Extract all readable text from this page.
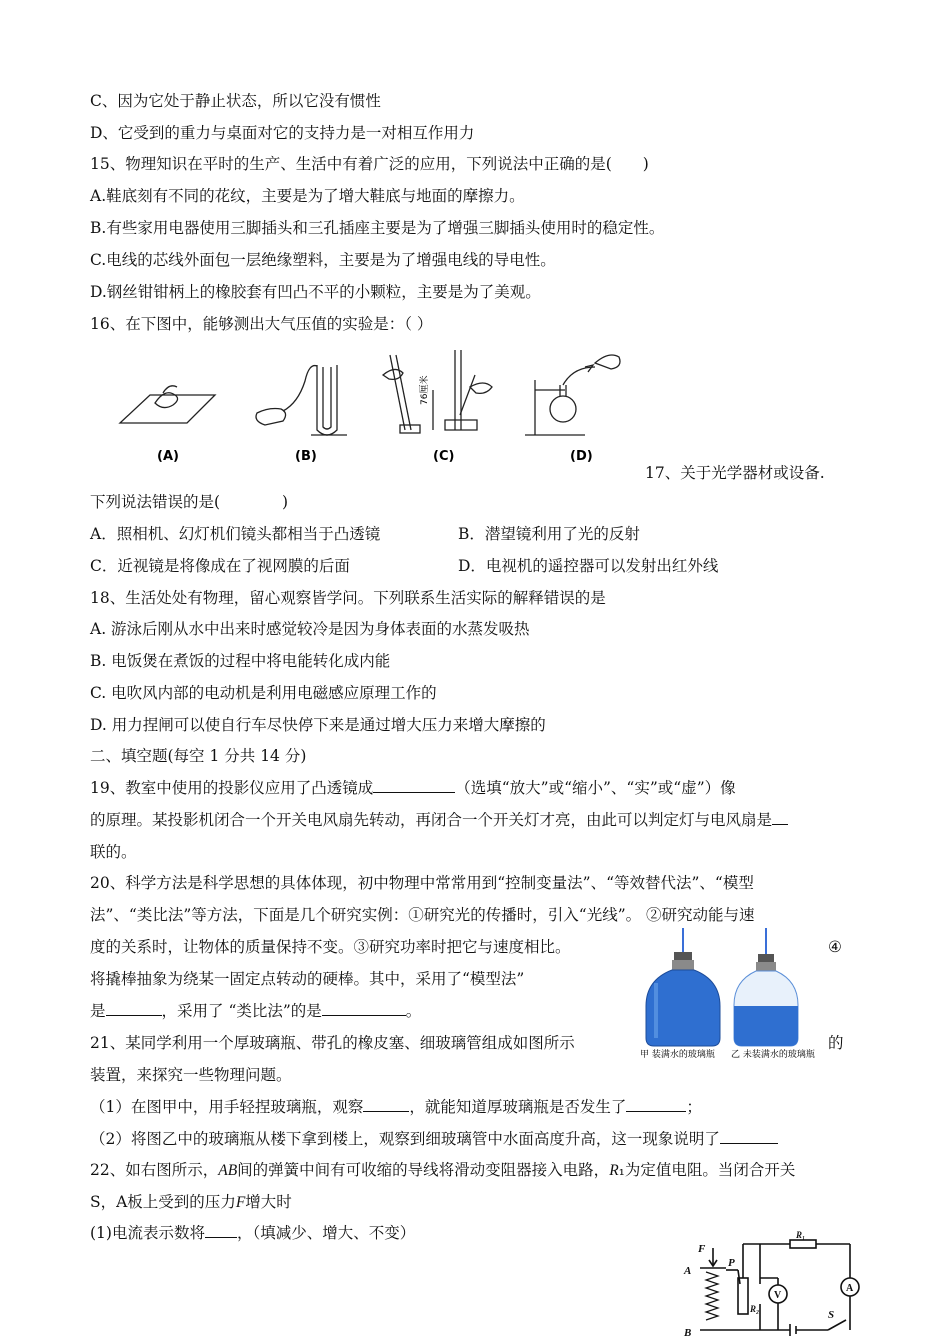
C、因为它处于静止状态，所以它没有惯性
D、它受到的重力与桌面对它的支持力是一对相互作用力
15、物理知识在平时的生产、生活中有着广泛的应用，下列说法中正确的是(　　)
A.鞋底刻有不同的花纹，主要是为了增大鞋底与地面的摩擦力。
B.有些家用电器使用三脚插头和三孔插座主要是为了增强三脚插头使用时的稳定性。
C.电线的芯线外面包一层绝缘塑料，主要是为了增强电线的导电性。
D.钢丝钳钳柄上的橡胶套有凹凸不平的小颗粒，主要是为了美观。
16、在下图中，能够测出大气压值的实验是：（ ）
76厘米
(A)	(B)	(C)	(D)
17、关于光学器材或设备.
下列说法错误的是(　　　　)
A．照相机、幻灯机们镜头都相当于凸透镜	B．潜望镜利用了光的反射
C．近视镜是将像成在了视网膜的后面	D．电视机的遥控器可以发射出红外线
18、生活处处有物理，留心观察皆学问。下列联系生活实际的解释错误的是
A. 游泳后刚从水中出来时感觉较冷是因为身体表面的水蒸发吸热
B. 电饭煲在煮饭的过程中将电能转化成内能
C. 电吹风内部的电动机是利用电磁感应原理工作的
D. 用力捏闸可以使自行车尽快停下来是通过增大压力来增大摩擦的
二、填空题(每空 1 分共 14 分)
19、教室中使用的投影仪应用了凸透镜成	（选填“放大”或“缩小”、“实”或“虚”）像
的原理。某投影机闭合一个开关电风扇先转动，再闭合一个开关灯才亮，由此可以判定灯与电风扇是
联的。
20、科学方法是科学思想的具体体现，初中物理中常常用到“控制变量法”、“等效替代法”、“模型
法”、“类比法”等方法，下面是几个研究实例：①研究光的传播时，引入“光线”。 ②研究动能与速
度的关系时，让物体的质量保持不变。③研究功率时把它与速度相比。	④
将撬棒抽象为绕某一固定点转动的硬棒。其中，采用了“模型法”
是	，采用了 “类比法”的是	。
甲 装满水的玻璃瓶 乙 未装满水的玻璃瓶
21、某同学利用一个厚玻璃瓶、带孔的橡皮塞、细玻璃管组成如图所示	的
装置，来探究一些物理问题。
（1）在图甲中，用手轻捏玻璃瓶，观察	，就能知道厚玻璃瓶是否发生了	；
（2）将图乙中的玻璃瓶从楼下拿到楼上，观察到细玻璃管中水面高度升高，这一现象说明了
22、如右图所示，AB间的弹簧中间有可收缩的导线将滑动变阻器接入电路，R₁为定值电阻。当闭合开关
S，A板上受到的压力F增大时
(1)电流表示数将 ，（填减少、增大、不变）
F
A
B
P
R₁
R₂
V
A
S
